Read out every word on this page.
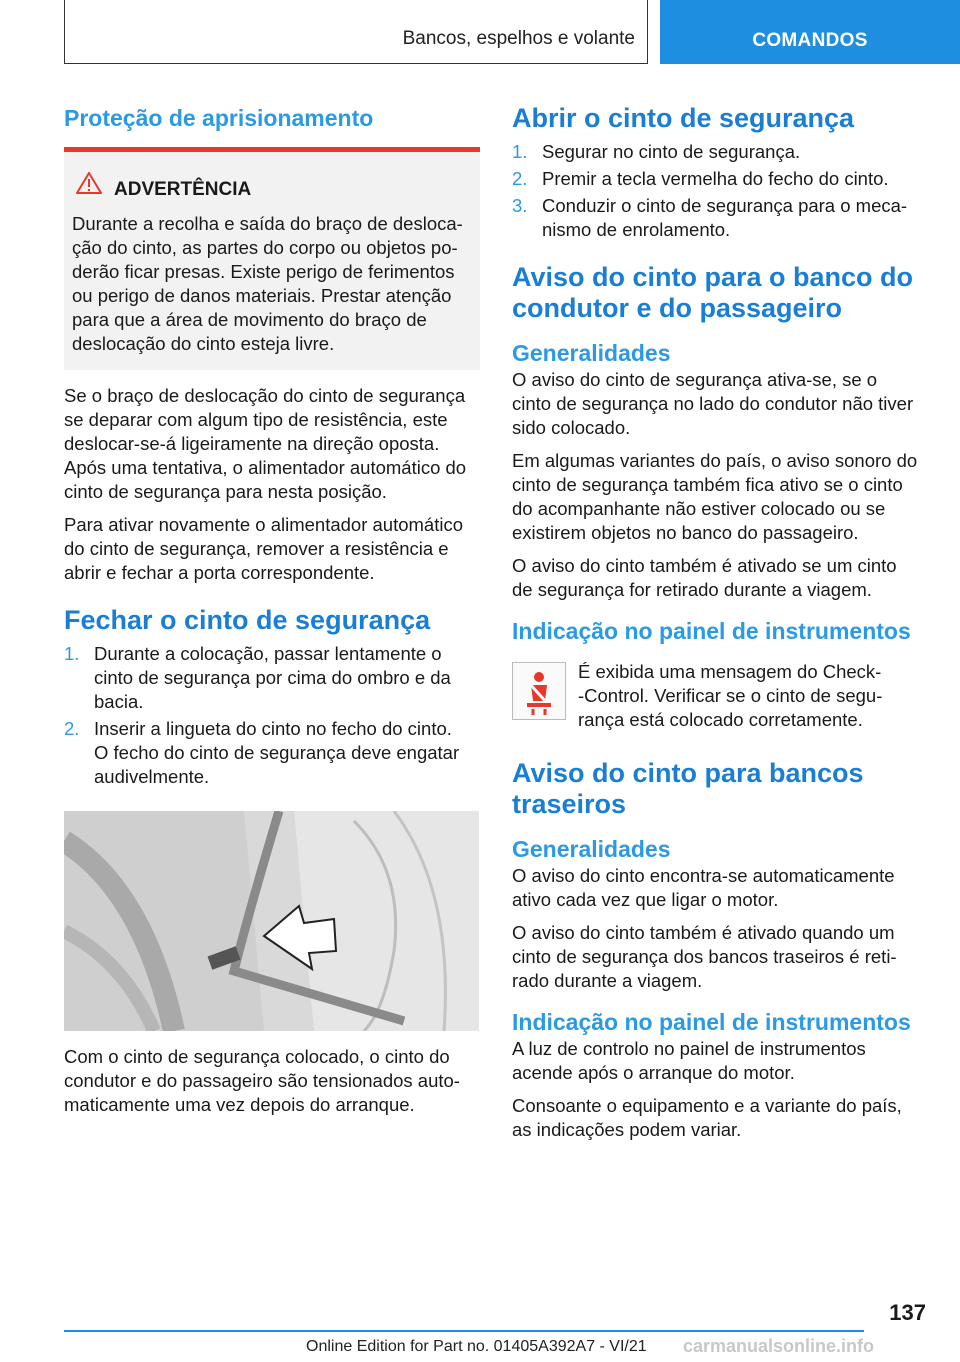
Bancos, espelhos e volante	COMANDOS
Proteção de aprisionamento
ADVERTÊNCIA
Durante a recolha e saída do braço de desloca-
ção do cinto, as partes do corpo ou objetos po-
derão ficar presas. Existe perigo de ferimentos
ou perigo de danos materiais. Prestar atenção
para que a área de movimento do braço de
deslocação do cinto esteja livre.

Se o braço de deslocação do cinto de segurança
se deparar com algum tipo de resistência, este
deslocar-se-á ligeiramente na direção oposta.
Após uma tentativa, o alimentador automático do
cinto de segurança para nesta posição.

Para ativar novamente o alimentador automático
do cinto de segurança, remover a resistência e
abrir e fechar a porta correspondente.

Fechar o cinto de segurança
1. Durante a colocação, passar lentamente o
cinto de segurança por cima do ombro e da
bacia.
2. Inserir a lingueta do cinto no fecho do cinto.
O fecho do cinto de segurança deve engatar
audivelmente.

Com o cinto de segurança colocado, o cinto do
condutor e do passageiro são tensionados auto-
maticamente uma vez depois do arranque.

Abrir o cinto de segurança
1. Segurar no cinto de segurança.
2. Premir a tecla vermelha do fecho do cinto.
3. Conduzir o cinto de segurança para o meca-
nismo de enrolamento.
Aviso do cinto para o banco do
condutor e do passageiro
Generalidades

O aviso do cinto de segurança ativa-se, se o
cinto de segurança no lado do condutor não tiver
sido colocado.

Em algumas variantes do país, o aviso sonoro do
cinto de segurança também fica ativo se o cinto
do acompanhante não estiver colocado ou se
existirem objetos no banco do passageiro.

O aviso do cinto também é ativado se um cinto
de segurança for retirado durante a viagem.

Indicação no painel de instrumentos
É exibida uma mensagem do Check-
-Control. Verificar se o cinto de segu-
rança está colocado corretamente.
Aviso do cinto para bancos
traseiros
Generalidades

O aviso do cinto encontra-se automaticamente
ativo cada vez que ligar o motor.

O aviso do cinto também é ativado quando um
cinto de segurança dos bancos traseiros é reti-
rado durante a viagem.

Indicação no painel de instrumentos

A luz de controlo no painel de instrumentos
acende após o arranque do motor.

Consoante o equipamento e a variante do país,
as indicações podem variar.

137
Online Edition for Part no. 01405A392A7 - VI/21 carmanualsonline.info
